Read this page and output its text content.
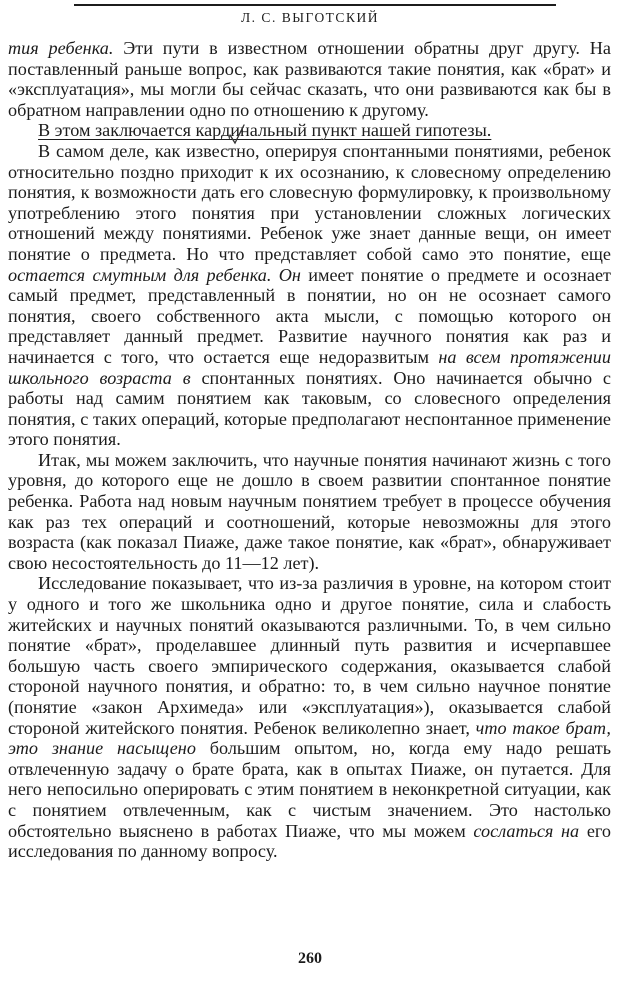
Л. С. ВЫГОТСКИЙ

тия ребенка. Эти пути в известном отношении обратны друг другу. На поставленный раньше вопрос, как развиваются такие понятия, как «брат» и «эксплуатация», мы могли бы сейчас сказать, что они развиваются как бы в обратном направлении одно по отношению к другому.

В этом заключается кардинальный пункт нашей гипотезы.

В самом деле, как известно, оперируя спонтанными понятиями, ребенок относительно поздно приходит к их осознанию, к словесному определению понятия, к возможности дать его словесную формулировку, к произвольному употреблению этого понятия при установлении сложных логических отношений между понятиями. Ребенок уже знает данные вещи, он имеет понятие о предмета. Но что представляет собой само это понятие, еще остается смутным для ребенка. Он имеет понятие о предмете и осознает самый предмет, представленный в понятии, но он не осознает самого понятия, своего собственного акта мысли, с помощью которого он представляет данный предмет. Развитие научного понятия как раз и начинается с того, что остается еще недоразвитым на всем протяжении школьного возраста в спонтанных понятиях. Оно начинается обычно с работы над самим понятием как таковым, со словесного определения понятия, с таких операций, которые предполагают неспонтанное применение этого понятия.

Итак, мы можем заключить, что научные понятия начинают жизнь с того уровня, до которого еще не дошло в своем развитии спонтанное понятие ребенка. Работа над новым научным понятием требует в процессе обучения как раз тех операций и соотношений, которые невозможны для этого возраста (как показал Пиаже, даже такое понятие, как «брат», обнаруживает свою несостоятельность до 11—12 лет).

Исследование показывает, что из-за различия в уровне, на котором стоит у одного и того же школьника одно и другое понятие, сила и слабость житейских и научных понятий оказываются различными. То, в чем сильно понятие «брат», проделавшее длинный путь развития и исчерпавшее большую часть своего эмпирического содержания, оказывается слабой стороной научного понятия, и обратно: то, в чем сильно научное понятие (понятие «закон Архимеда» или «эксплуатация»), оказывается слабой стороной житейского понятия. Ребенок великолепно знает, что такое брат, это знание насыщено большим опытом, но, когда ему надо решать отвлеченную задачу о брате брата, как в опытах Пиаже, он путается. Для него непосильно оперировать с этим понятием в неконкретной ситуации, как с понятием отвлеченным, как с чистым значением. Это настолько обстоятельно выяснено в работах Пиаже, что мы можем сослаться на его исследования по данному вопросу.

260
